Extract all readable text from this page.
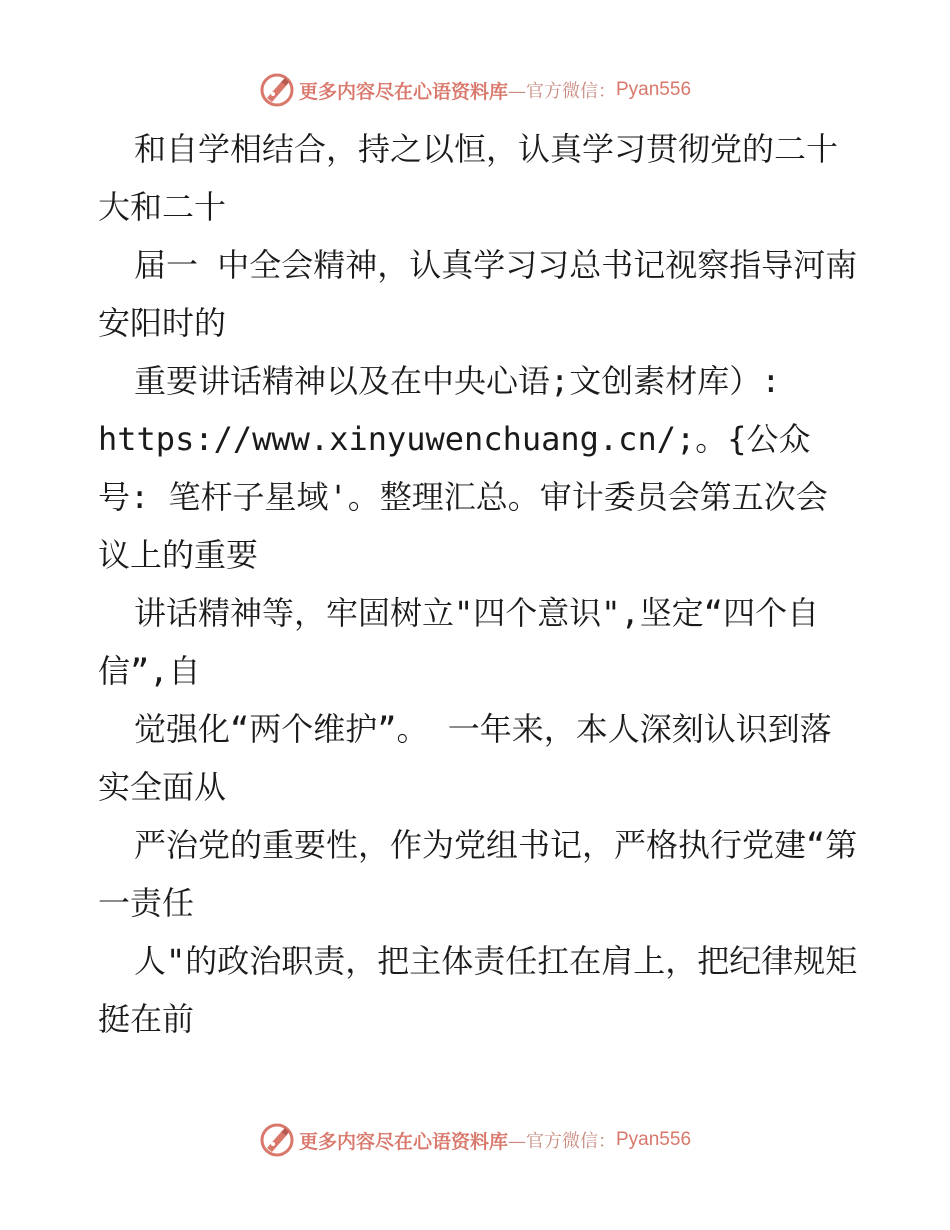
更多内容尽在心语资料库 —官方微信： Pyan556

和自学相结合，持之以恒，认真学习贯彻党的二十大和二十

届一 中全会精神，认真学习习总书记视察指导河南安阳时的

重要讲话精神以及在中央心语;文创素材库）:

https://www.xinyuwenchuang.cn/;。{公众号: 笔杆子星域'。整理汇总。审计委员会第五次会议上的重要

讲话精神等，牢固树立"四个意识",坚定“四个自信”,自

觉强化“两个维护”。 一年来，本人深刻认识到落实全面从

严治党的重要性，作为党组书记，严格执行党建“第一责任

人"的政治职责，把主体责任扛在肩上，把纪律规矩挺在前

更多内容尽在心语资料库 —官方微信： Pyan556
